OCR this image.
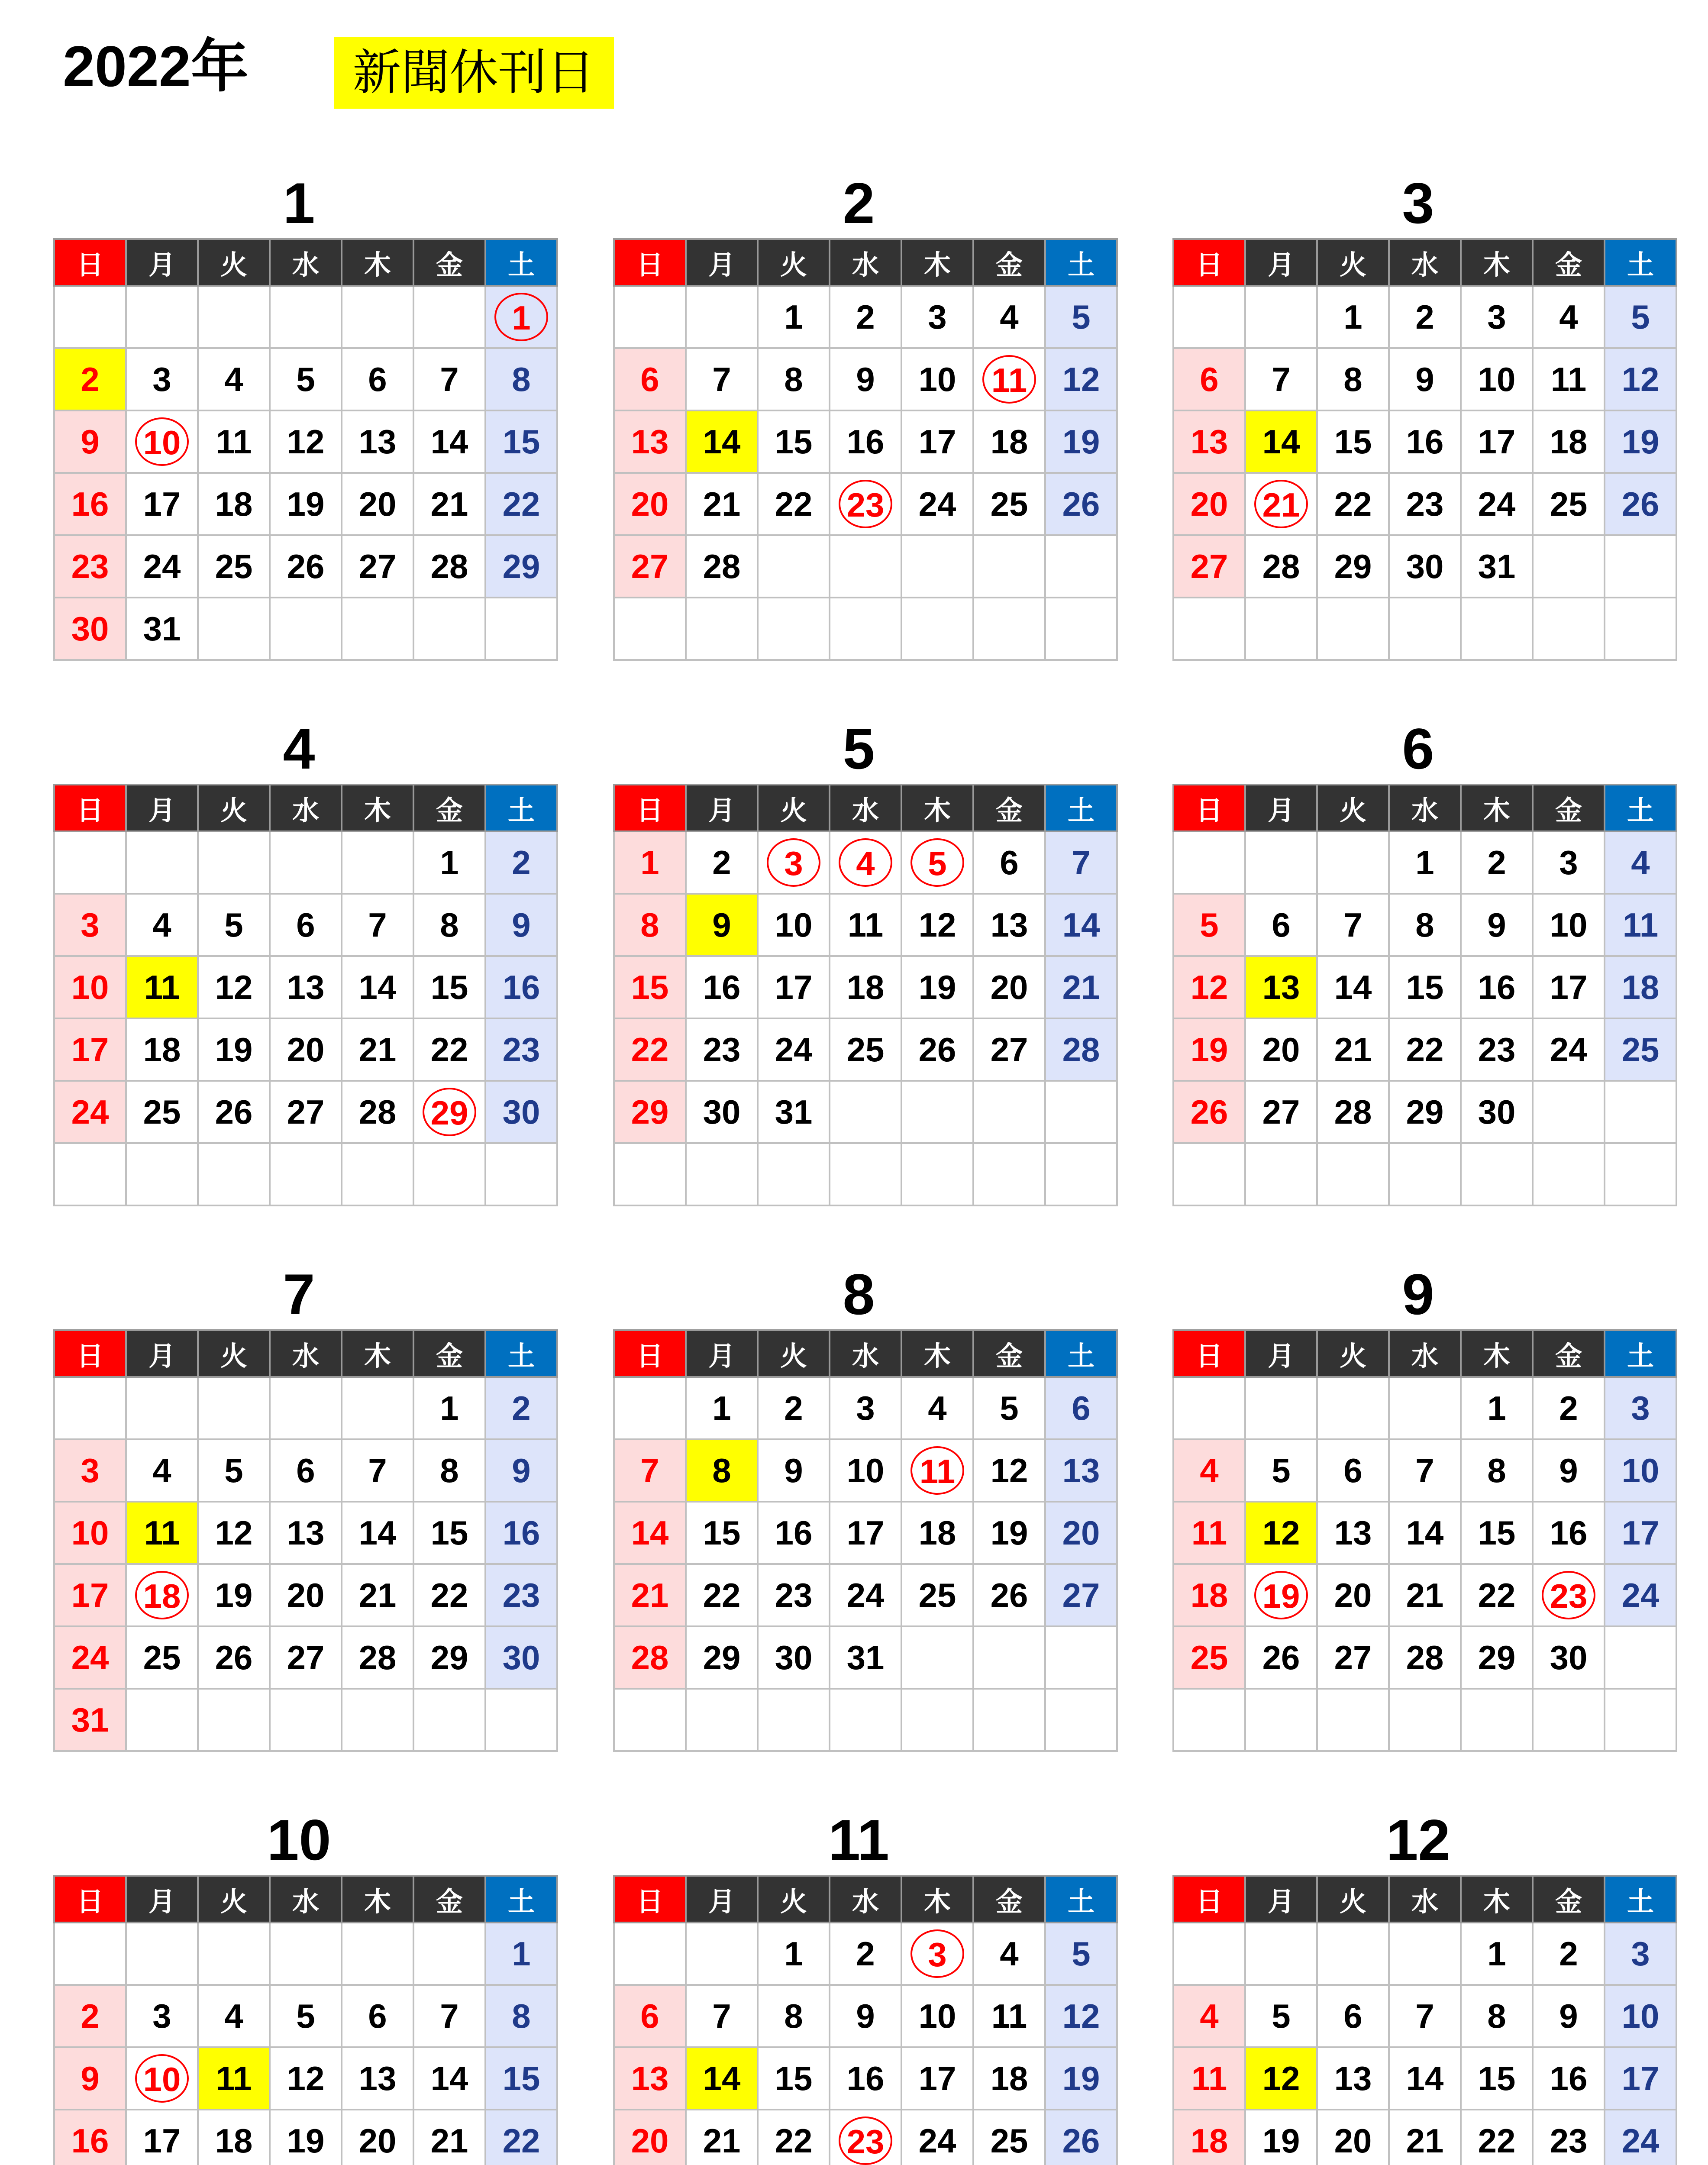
2022年	新聞休刊日
1
日	月	火	水	木	金	土
						1
2	3	4	5	6	7	8
9	10	11	12	13	14	15
16	17	18	19	20	21	22
23	24	25	26	27	28	29
30	31					
2
日	月	火	水	木	金	土
		1	2	3	4	5
6	7	8	9	10	11	12
13	14	15	16	17	18	19
20	21	22	23	24	25	26
27	28					

3
日	月	火	水	木	金	土
		1	2	3	4	5
6	7	8	9	10	11	12
13	14	15	16	17	18	19
20	21	22	23	24	25	26
27	28	29	30	31		

4
日	月	火	水	木	金	土
					1	2
3	4	5	6	7	8	9
10	11	12	13	14	15	16
17	18	19	20	21	22	23
24	25	26	27	28	29	30

5
日	月	火	水	木	金	土
1	2	3	4	5	6	7
8	9	10	11	12	13	14
15	16	17	18	19	20	21
22	23	24	25	26	27	28
29	30	31				

6
日	月	火	水	木	金	土
			1	2	3	4
5	6	7	8	9	10	11
12	13	14	15	16	17	18
19	20	21	22	23	24	25
26	27	28	29	30		

7
日	月	火	水	木	金	土
					1	2
3	4	5	6	7	8	9
10	11	12	13	14	15	16
17	18	19	20	21	22	23
24	25	26	27	28	29	30
31						
8
日	月	火	水	木	金	土
	1	2	3	4	5	6
7	8	9	10	11	12	13
14	15	16	17	18	19	20
21	22	23	24	25	26	27
28	29	30	31			

9
日	月	火	水	木	金	土
				1	2	3
4	5	6	7	8	9	10
11	12	13	14	15	16	17
18	19	20	21	22	23	24
25	26	27	28	29	30	

10
日	月	火	水	木	金	土
						1
2	3	4	5	6	7	8
9	10	11	12	13	14	15
16	17	18	19	20	21	22

11
日	月	火	水	木	金	土
		1	2	3	4	5
6	7	8	9	10	11	12
13	14	15	16	17	18	19
20	21	22	23	24	25	26

12
日	月	火	水	木	金	土
				1	2	3
4	5	6	7	8	9	10
11	12	13	14	15	16	17
18	19	20	21	22	23	24
